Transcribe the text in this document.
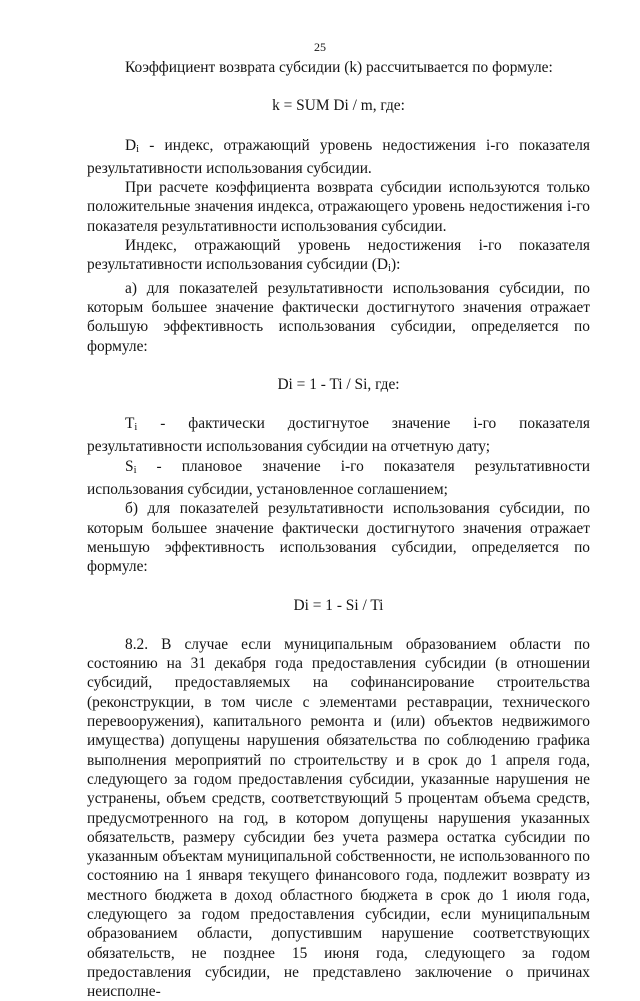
25

Коэффициент возврата субсидии (k) рассчитывается по формуле:

k = SUM Di / m, где:

Di - индекс, отражающий уровень недостижения i-го показателя результативности использования субсидии.

При расчете коэффициента возврата субсидии используются только положительные значения индекса, отражающего уровень недостижения i-го показателя результативности использования субсидии.

Индекс, отражающий уровень недостижения i-го показателя результативности использования субсидии (Di):

а) для показателей результативности использования субсидии, по которым большее значение фактически достигнутого значения отражает большую эффективность использования субсидии, определяется по формуле:

Di = 1 - Ti / Si, где:

Ti - фактически достигнутое значение i-го показателя результативности использования субсидии на отчетную дату;

Si - плановое значение i-го показателя результативности использования субсидии, установленное соглашением;

б) для показателей результативности использования субсидии, по которым большее значение фактически достигнутого значения отражает меньшую эффективность использования субсидии, определяется по формуле:

Di = 1 - Si / Ti

8.2. В случае если муниципальным образованием области по состоянию на 31 декабря года предоставления субсидии (в отношении субсидий, предоставляемых на софинансирование строительства (реконструкции, в том числе с элементами реставрации, технического перевооружения), капитального ремонта и (или) объектов недвижимого имущества) допущены нарушения обязательства по соблюдению графика выполнения мероприятий по строительству и в срок до 1 апреля года, следующего за годом предоставления субсидии, указанные нарушения не устранены, объем средств, соответствующий 5 процентам объема средств, предусмотренного на год, в котором допущены нарушения указанных обязательств, размеру субсидии без учета размера остатка субсидии по указанным объектам муниципальной собственности, не использованного по состоянию на 1 января текущего финансового года, подлежит возврату из местного бюджета в доход областного бюджета в срок до 1 июля года, следующего за годом предоставления субсидии, если муниципальным образованием области, допустившим нарушение соответствующих обязательств, не позднее 15 июня года, следующего за годом предоставления субсидии, не представлено заключение о причинах неисполне-
